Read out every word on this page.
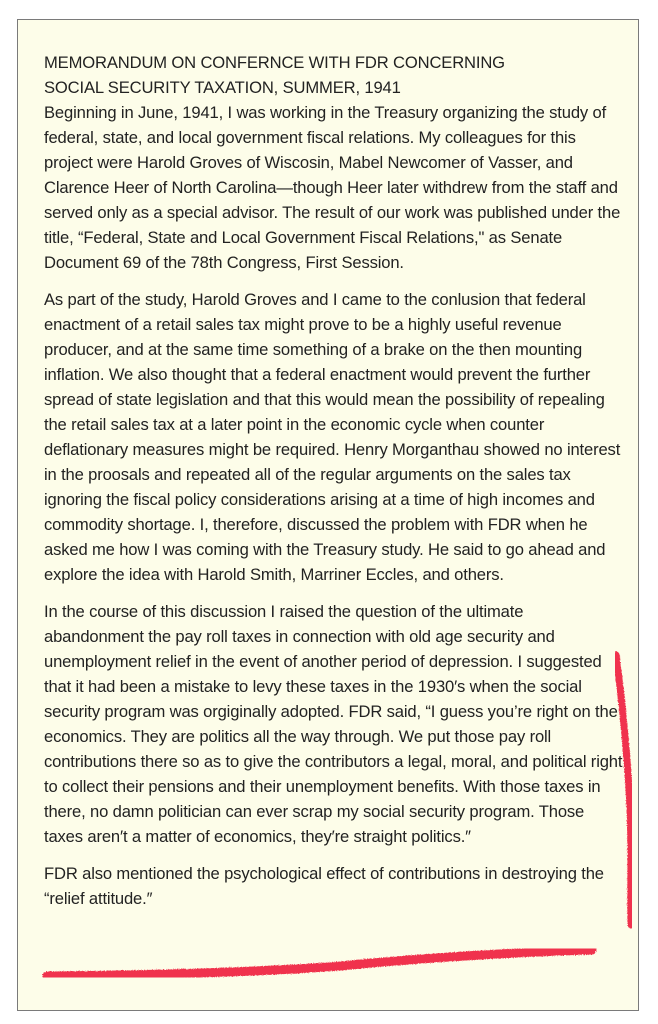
MEMORANDUM ON CONFERNCE WITH FDR CONCERNING
SOCIAL SECURITY TAXATION, SUMMER, 1941

Beginning in June, 1941, I was working in the Treasury organizing the study of federal, state, and local government fiscal relations. My colleagues for this project were Harold Groves of Wiscosin, Mabel Newcomer of Vasser, and Clarence Heer of North Carolina—though Heer later withdrew from the staff and served only as a special advisor. The result of our work was published under the title, “Federal, State and Local Government Fiscal Relations," as Senate Document 69 of the 78th Congress, First Session.

As part of the study, Harold Groves and I came to the conlusion that federal enactment of a retail sales tax might prove to be a highly useful revenue producer, and at the same time something of a brake on the then mounting inflation. We also thought that a federal enactment would prevent the further spread of state legislation and that this would mean the possibility of repealing the retail sales tax at a later point in the economic cycle when counter deflationary measures might be required. Henry Morganthau showed no interest in the proosals and repeated all of the regular arguments on the sales tax ignoring the fiscal policy considerations arising at a time of high incomes and commodity shortage. I, therefore, discussed the problem with FDR when he asked me how I was coming with the Treasury study. He said to go ahead and explore the idea with Harold Smith, Marriner Eccles, and others.

In the course of this discussion I raised the question of the ultimate abandonment the pay roll taxes in connection with old age security and unemployment relief in the event of another period of depression. I suggested that it had been a mistake to levy these taxes in the 1930′s when the social security program was orgiginally adopted. FDR said, “I guess you’re right on the economics. They are politics all the way through. We put those pay roll contributions there so as to give the contributors a legal, moral, and political right to collect their pensions and their unemployment benefits. With those taxes in there, no damn politician can ever scrap my social security program. Those taxes aren′t a matter of economics, they′re straight politics.″

FDR also mentioned the psychological effect of contributions in destroying the “relief attitude.″
